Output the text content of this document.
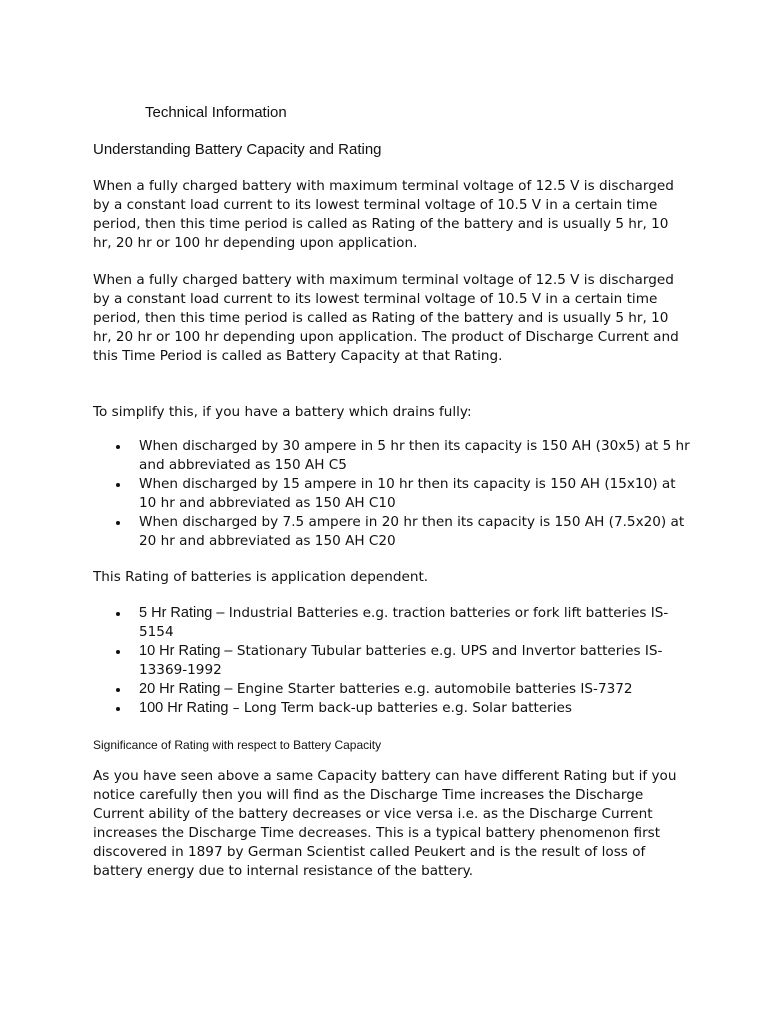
Technical Information
Understanding Battery Capacity and Rating

When a fully charged battery with maximum terminal voltage of 12.5 V is discharged by a constant load current to its lowest terminal voltage of 10.5 V in a certain time period, then this time period is called as Rating of the battery and is usually 5 hr, 10 hr, 20 hr or 100 hr depending upon application.

When a fully charged battery with maximum terminal voltage of 12.5 V is discharged by a constant load current to its lowest terminal voltage of 10.5 V in a certain time period, then this time period is called as Rating of the battery and is usually 5 hr, 10 hr, 20 hr or 100 hr depending upon application. The product of Discharge Current and this Time Period is called as Battery Capacity at that Rating.

To simplify this, if you have a battery which drains fully:

When discharged by 30 ampere in 5 hr then its capacity is 150 AH (30x5) at 5 hr and abbreviated as 150 AH C5
When discharged by 15 ampere in 10 hr then its capacity is 150 AH (15x10) at 10 hr and abbreviated as 150 AH C10
When discharged by 7.5 ampere in 20 hr then its capacity is 150 AH (7.5x20) at 20 hr and abbreviated as 150 AH C20

This Rating of batteries is application dependent.

5 Hr Rating – Industrial Batteries e.g. traction batteries or fork lift batteries IS-5154
10 Hr Rating – Stationary Tubular batteries e.g. UPS and Invertor batteries IS-13369-1992
20 Hr Rating – Engine Starter batteries e.g. automobile batteries IS-7372
100 Hr Rating – Long Term back-up batteries e.g. Solar batteries
Significance of Rating with respect to Battery Capacity

As you have seen above a same Capacity battery can have different Rating but if you notice carefully then you will find as the Discharge Time increases the Discharge Current ability of the battery decreases or vice versa i.e. as the Discharge Current increases the Discharge Time decreases. This is a typical battery phenomenon first discovered in 1897 by German Scientist called Peukert and is the result of loss of battery energy due to internal resistance of the battery.
